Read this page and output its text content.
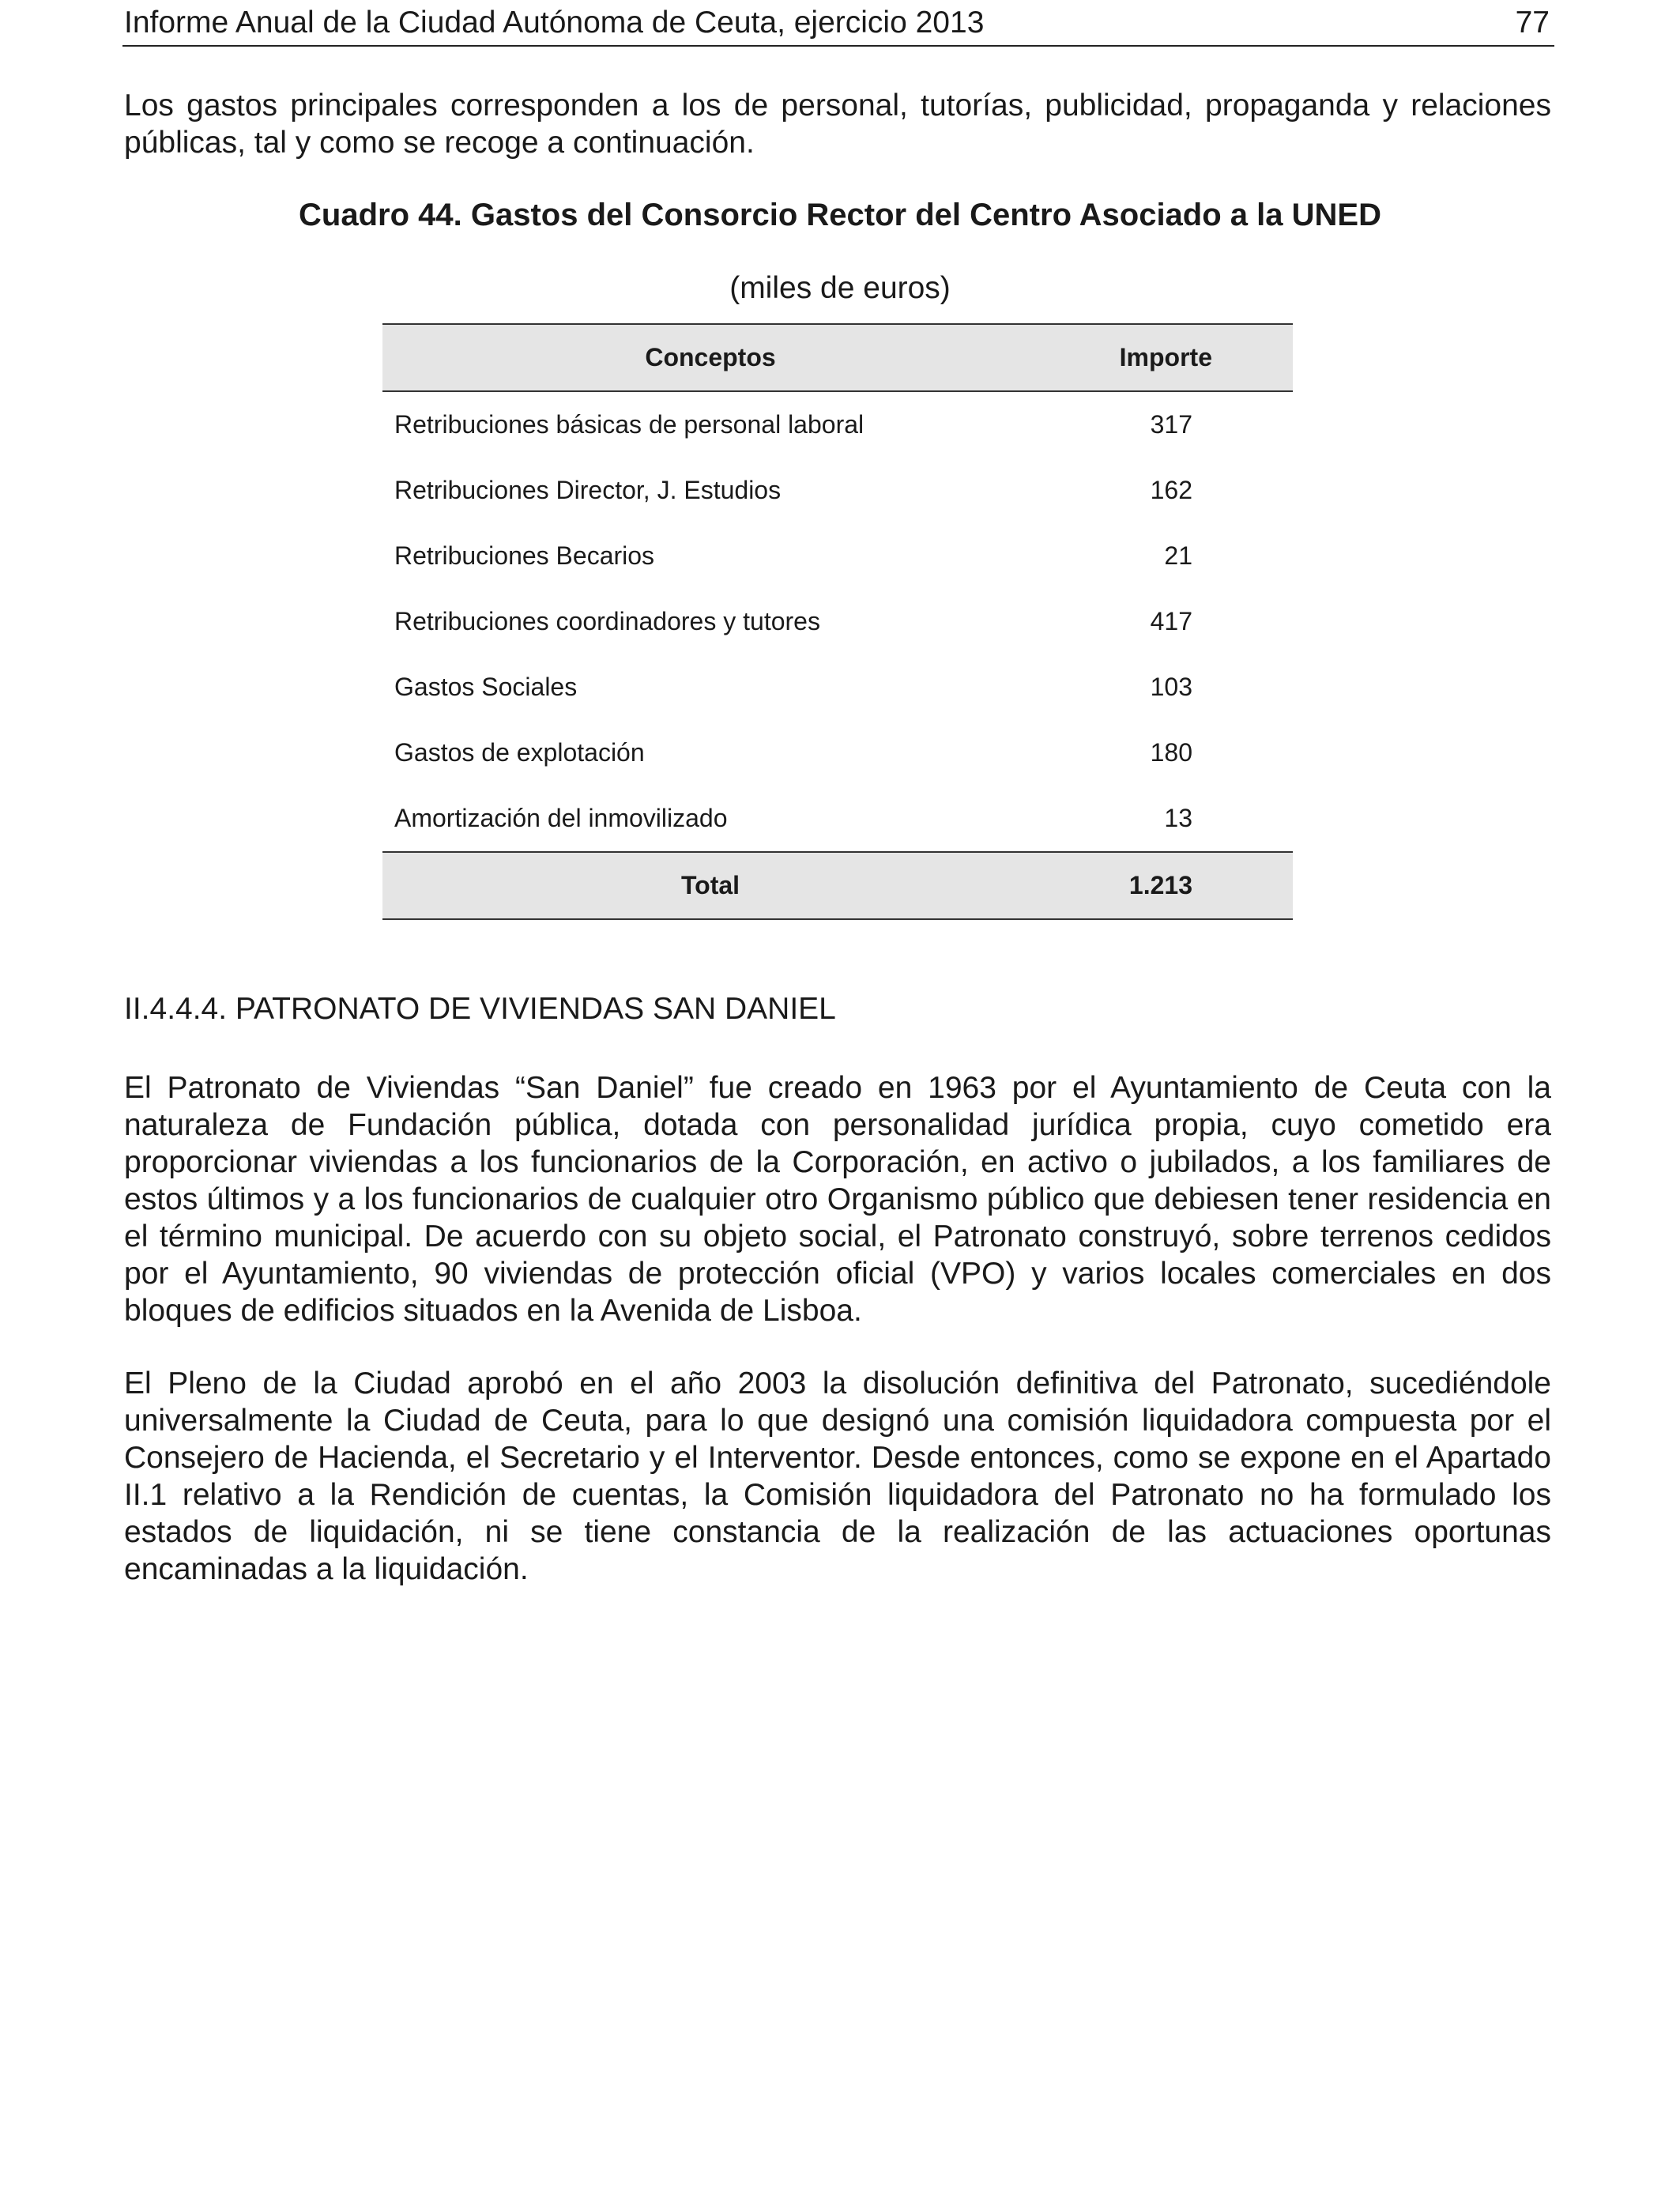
Informe Anual de la Ciudad Autónoma de Ceuta, ejercicio 2013	77

Los gastos principales corresponden a los de personal, tutorías, publicidad, propaganda y relaciones públicas, tal y como se recoge a continuación.

Cuadro 44. Gastos del Consorcio Rector del Centro Asociado a la UNED
(miles de euros)
Conceptos	Importe
Retribuciones básicas de personal laboral	317
Retribuciones Director, J. Estudios	162
Retribuciones Becarios	21
Retribuciones coordinadores y tutores	417
Gastos Sociales	103
Gastos de explotación	180
Amortización del inmovilizado	13
Total	1.213
II.4.4.4. PATRONATO DE VIVIENDAS SAN DANIEL

El Patronato de Viviendas “San Daniel” fue creado en 1963 por el Ayuntamiento de Ceuta con la naturaleza de Fundación pública, dotada con personalidad jurídica propia, cuyo cometido era proporcionar viviendas a los funcionarios de la Corporación, en activo o jubilados, a los familiares de estos últimos y a los funcionarios de cualquier otro Organismo público que debiesen tener residencia en el término municipal. De acuerdo con su objeto social, el Patronato construyó, sobre terrenos cedidos por el Ayuntamiento, 90 viviendas de protección oficial (VPO) y varios locales comerciales en dos bloques de edificios situados en la Avenida de Lisboa.

El Pleno de la Ciudad aprobó en el año 2003 la disolución definitiva del Patronato, sucediéndole universalmente la Ciudad de Ceuta, para lo que designó una comisión liquidadora compuesta por el Consejero de Hacienda, el Secretario y el Interventor. Desde entonces, como se expone en el Apartado II.1 relativo a la Rendición de cuentas, la Comisión liquidadora del Patronato no ha formulado los estados de liquidación, ni se tiene constancia de la realización de las actuaciones oportunas encaminadas a la liquidación.
